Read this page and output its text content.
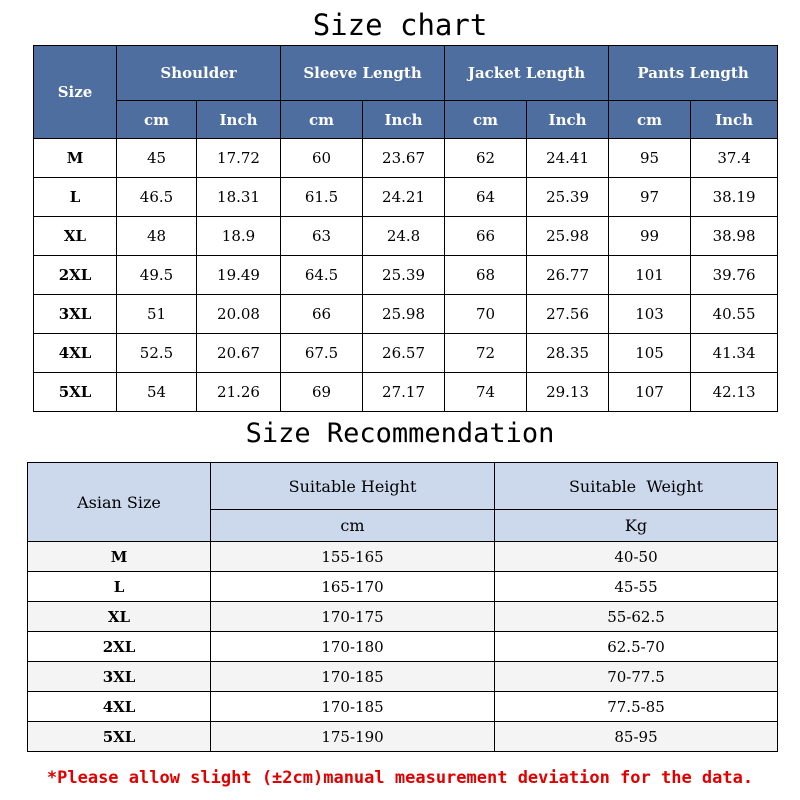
Size chart
Size	Shoulder		Sleeve Length		Jacket Length		Pants Length	
	cm	Inch	cm	Inch	cm	Inch	cm	Inch
M	45	17.72	60	23.67	62	24.41	95	37.4
L	46.5	18.31	61.5	24.21	64	25.39	97	38.19
XL	48	18.9	63	24.8	66	25.98	99	38.98
2XL	49.5	19.49	64.5	25.39	68	26.77	101	39.76
3XL	51	20.08	66	25.98	70	27.56	103	40.55
4XL	52.5	20.67	67.5	26.57	72	28.35	105	41.34
5XL	54	21.26	69	27.17	74	29.13	107	42.13
Size Recommendation
Asian Size	Suitable Height	Suitable  Weight
	cm	Kg
M	155-165	40-50
L	165-170	45-55
XL	170-175	55-62.5
2XL	170-180	62.5-70
3XL	170-185	70-77.5
4XL	170-185	77.5-85
5XL	175-190	85-95
*Please allow slight (±2cm)manual measurement deviation for the data.
